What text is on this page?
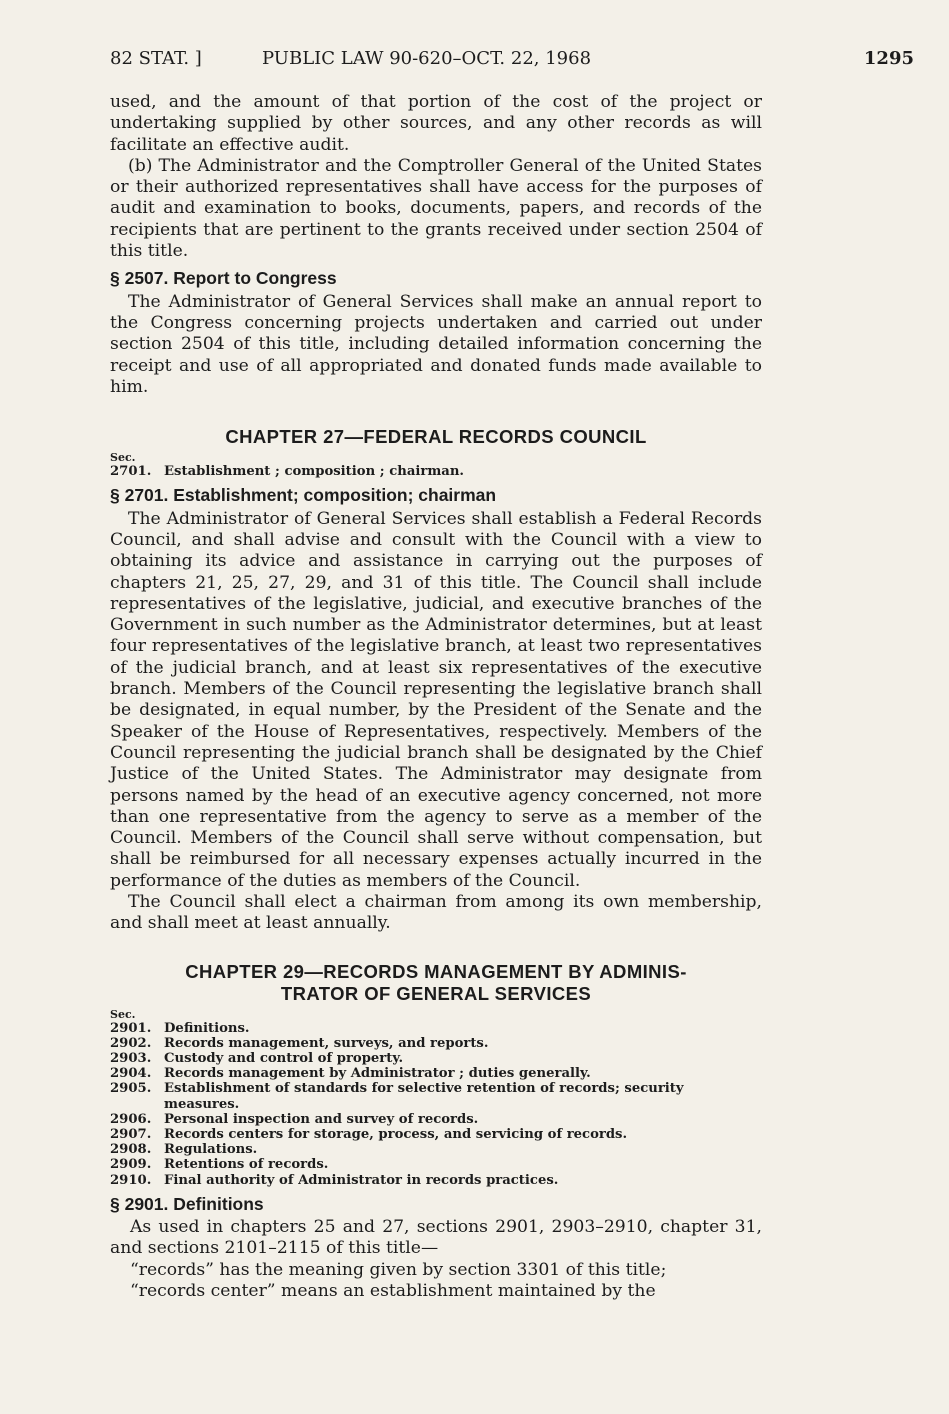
82 STAT. ]	PUBLIC LAW 90-620–OCT. 22, 1968	1295

used, and the amount of that portion of the cost of the project or undertaking supplied by other sources, and any other records as will facilitate an effective audit.

(b) The Administrator and the Comptroller General of the United States or their authorized representatives shall have access for the purposes of audit and examination to books, documents, papers, and records of the recipients that are pertinent to the grants received under section 2504 of this title.

§ 2507. Report to Congress

The Administrator of General Services shall make an annual report to the Congress concerning projects undertaken and carried out under section 2504 of this title, including detailed information concerning the receipt and use of all appropriated and donated funds made available to him.

CHAPTER 27—FEDERAL RECORDS COUNCIL
Sec.
2701. Establishment ; composition ; chairman.
§ 2701. Establishment; composition; chairman

The Administrator of General Services shall establish a Federal Records Council, and shall advise and consult with the Council with a view to obtaining its advice and assistance in carrying out the purposes of chapters 21, 25, 27, 29, and 31 of this title. The Council shall include representatives of the legislative, judicial, and executive branches of the Government in such number as the Administrator determines, but at least four representatives of the legislative branch, at least two representatives of the judicial branch, and at least six representatives of the executive branch. Members of the Council representing the legislative branch shall be designated, in equal number, by the President of the Senate and the Speaker of the House of Representatives, respectively. Members of the Council representing the judicial branch shall be designated by the Chief Justice of the United States. The Administrator may designate from persons named by the head of an executive agency concerned, not more than one representative from the agency to serve as a member of the Council. Members of the Council shall serve without compensation, but shall be reimbursed for all necessary expenses actually incurred in the performance of the duties as members of the Council.

The Council shall elect a chairman from among its own membership, and shall meet at least annually.

CHAPTER 29—RECORDS MANAGEMENT BY ADMINIS-
TRATOR OF GENERAL SERVICES
Sec.
2901. Definitions.
2902. Records management, surveys, and reports.
2903. Custody and control of property.
2904. Records management by Administrator ; duties generally.
2905. Establishment of standards for selective retention of records; security measures.
2906. Personal inspection and survey of records.
2907. Records centers for storage, process, and servicing of records.
2908. Regulations.
2909. Retentions of records.
2910. Final authority of Administrator in records practices.
§ 2901. Definitions

As used in chapters 25 and 27, sections 2901, 2903–2910, chapter 31, and sections 2101–2115 of this title—

“records” has the meaning given by section 3301 of this title;

“records center” means an establishment maintained by the
